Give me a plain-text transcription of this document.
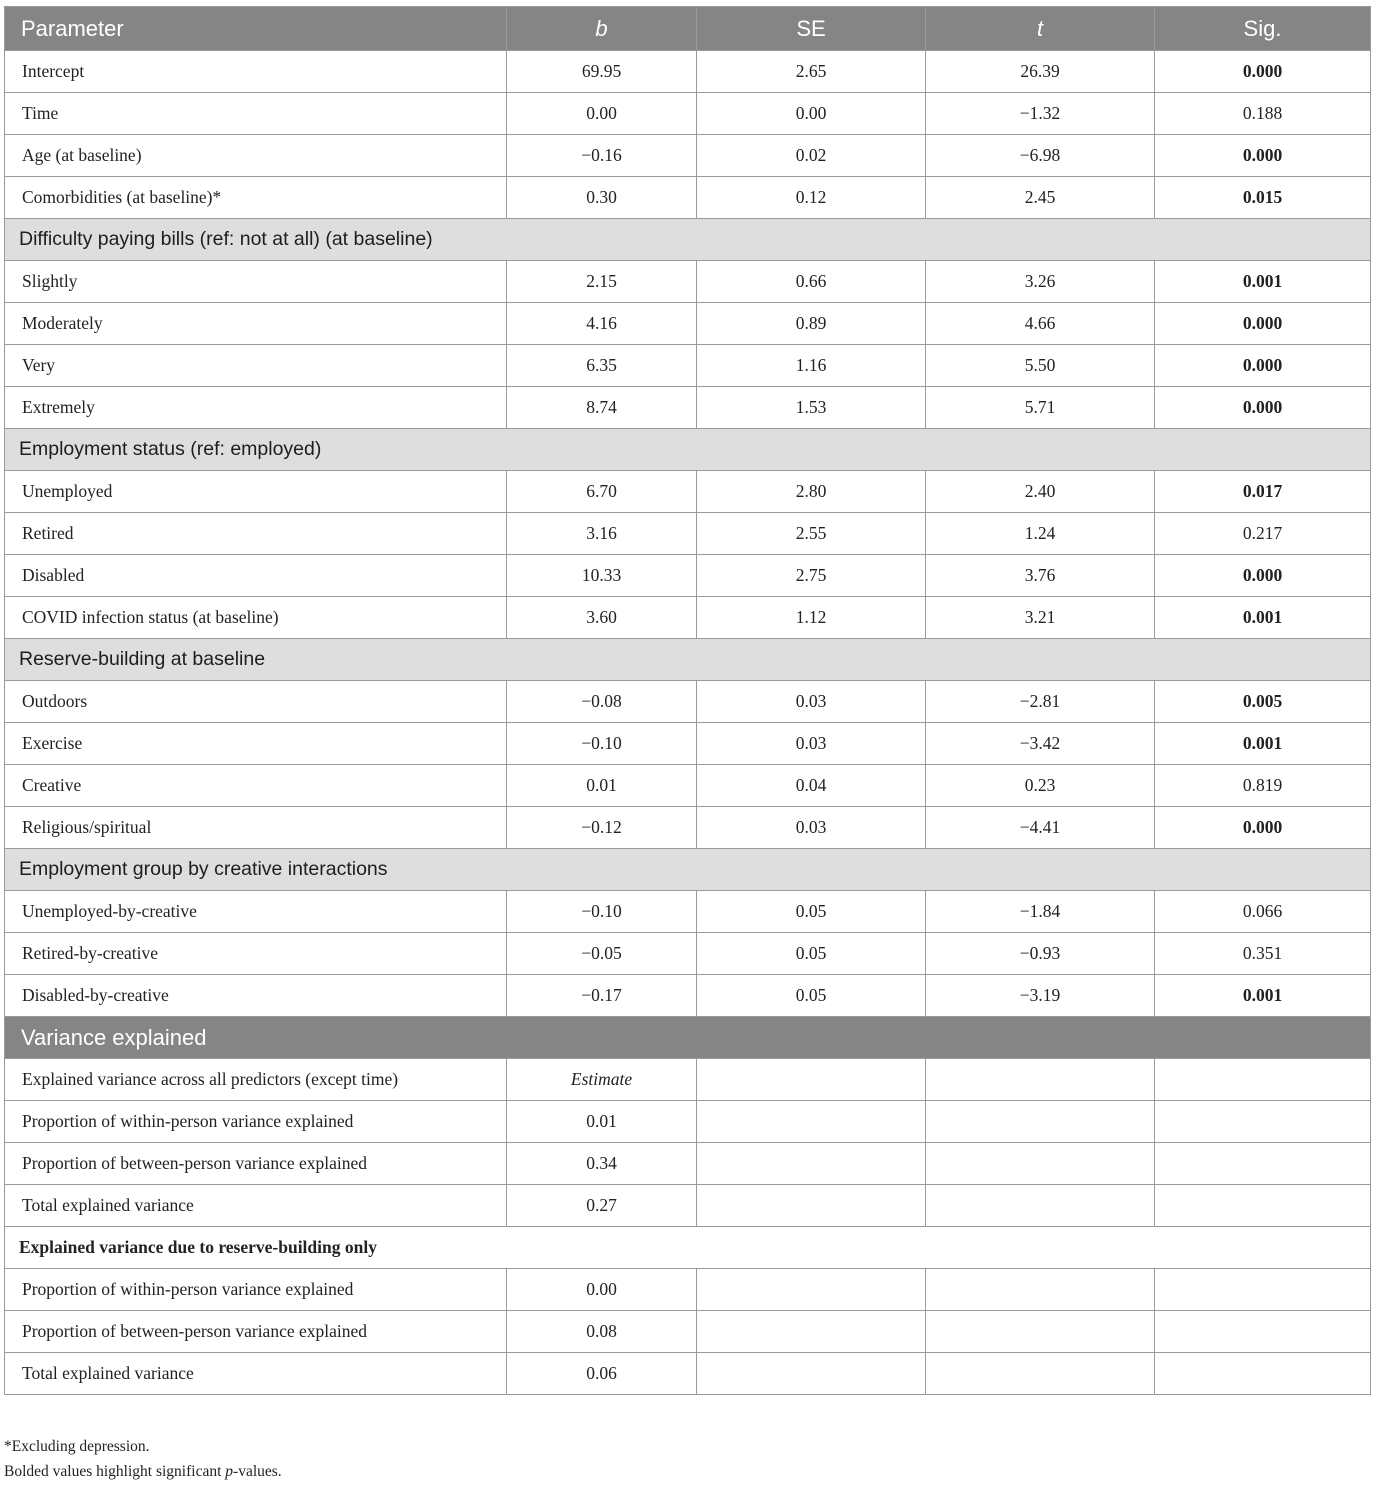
Parameter	b	SE	t	Sig.
Intercept	69.95	2.65	26.39	0.000
Time	0.00	0.00	−1.32	0.188
Age (at baseline)	−0.16	0.02	−6.98	0.000
Comorbidities (at baseline)*	0.30	0.12	2.45	0.015
Difficulty paying bills (ref: not at all) (at baseline)				
Slightly	2.15	0.66	3.26	0.001
Moderately	4.16	0.89	4.66	0.000
Very	6.35	1.16	5.50	0.000
Extremely	8.74	1.53	5.71	0.000
Employment status (ref: employed)				
Unemployed	6.70	2.80	2.40	0.017
Retired	3.16	2.55	1.24	0.217
Disabled	10.33	2.75	3.76	0.000
COVID infection status (at baseline)	3.60	1.12	3.21	0.001
Reserve-building at baseline				
Outdoors	−0.08	0.03	−2.81	0.005
Exercise	−0.10	0.03	−3.42	0.001
Creative	0.01	0.04	0.23	0.819
Religious/spiritual	−0.12	0.03	−4.41	0.000
Employment group by creative interactions				
Unemployed-by-creative	−0.10	0.05	−1.84	0.066
Retired-by-creative	−0.05	0.05	−0.93	0.351
Disabled-by-creative	−0.17	0.05	−3.19	0.001
Variance explained				
Explained variance across all predictors (except time)	Estimate			
Proportion of within-person variance explained	0.01			
Proportion of between-person variance explained	0.34			
Total explained variance	0.27			
Explained variance due to reserve-building only				
Proportion of within-person variance explained	0.00			
Proportion of between-person variance explained	0.08			
Total explained variance	0.06			
*Excluding depression.
Bolded values highlight significant p-values.
